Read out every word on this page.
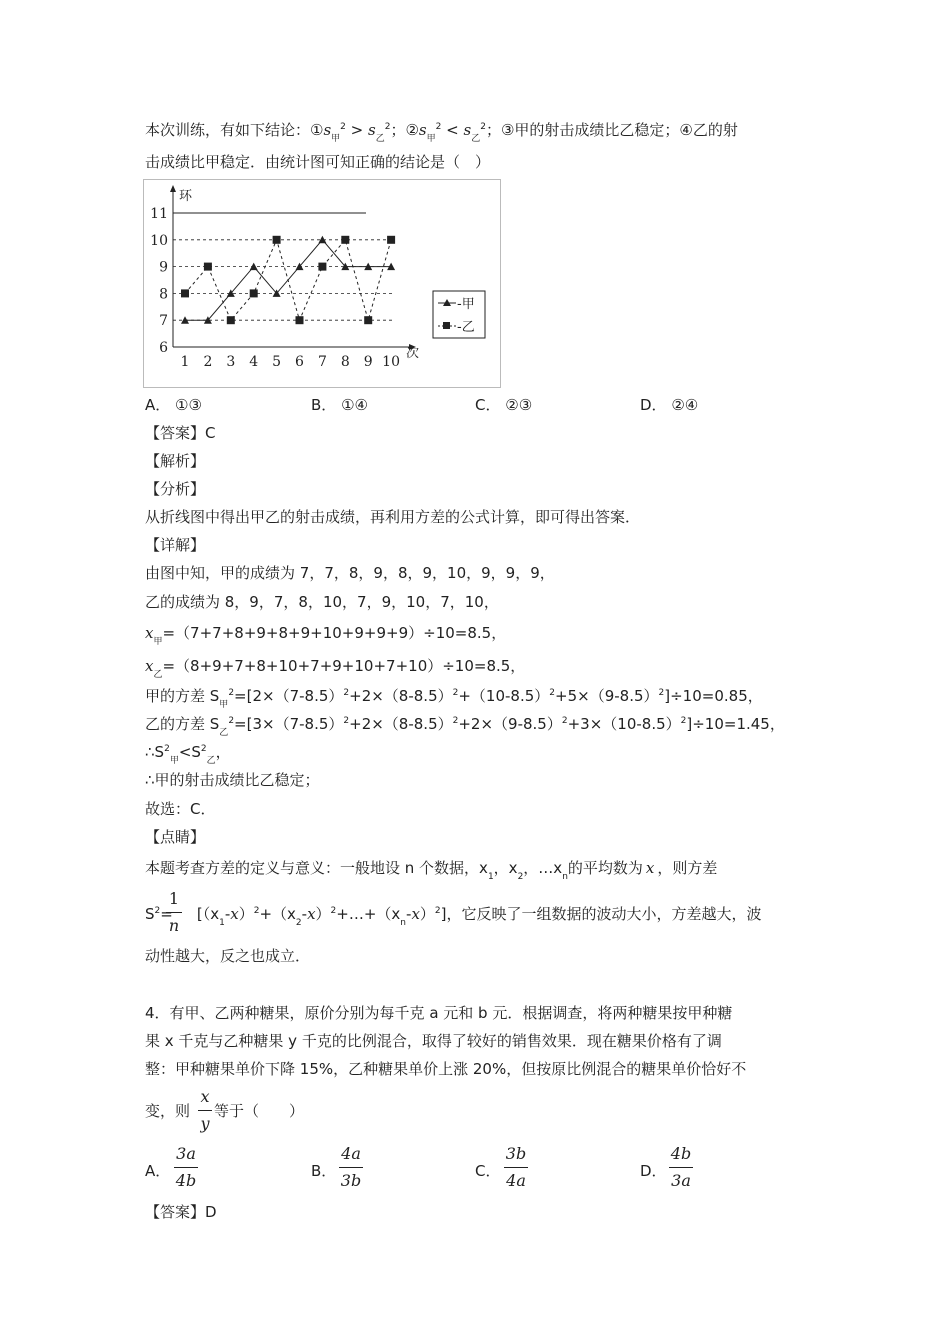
本次训练，有如下结论：$①s_甲^2 > s_乙^2$；$②s_甲^2 < s_乙^2$；③甲的射击成绩比乙稳定；④乙的射
击成绩比甲稳定．由统计图可知正确的结论是（　）
6
7
8
9
10
11
环
次
1 2 3 4 5 6 7 8 9 10
-甲
-乙
A． ①③	B． ①④	C． ②③	D． ②④
【答案】C
【解析】
【分析】
从折线图中得出甲乙的射击成绩，再利用方差的公式计算，即可得出答案．
【详解】
由图中知，甲的成绩为 7，7，8，9，8，9，10，9，9，9，
乙的成绩为 8，9，7，8，10，7，9，10，7，10，
$x_甲=(7+7+8+9+8+9+10+9+9+9)\div 10=8.5$，
$x_乙=(8+9+7+8+10+7+9+10+7+10)\div 10=8.5$，
甲的方差 $S_甲^2=[2\times(7-8.5)^2+2\times(8-8.5)^2+(10-8.5)^2+5\times(9-8.5)^2]\div 10=0.85$，
乙的方差 $S_乙^2=[3\times(7-8.5)^2+2\times(8-8.5)^2+2\times(9-8.5)^2+3\times(10-8.5)^2]\div 10=1.45$，
$\therefore S^2_甲<S^2_乙$，
∴甲的射击成绩比乙稳定；
故选：C．
【点睛】
本题考查方差的定义与意义：一般地设 n 个数据，$x_1$，$x_2$，$\dots x_n$的平均数为 x ，则方差
$\frac{1}{n}$
$S^2=$ $[(x_1-x)^2+(x_2-x)^2+\dots+(x_n-x)^2]$，它反映了一组数据的波动大小，方差越大，波
动性越大，反之也成立．
4．有甲、乙两种糖果，原价分别为每千克 a 元和 b 元．根据调查，将两种糖果按甲种糖
果 x 千克与乙种糖果 y 千克的比例混合，取得了较好的销售效果．现在糖果价格有了调
整：甲种糖果单价下降 15%，乙种糖果单价上涨 20%，但按原比例混合的糖果单价恰好不
$\frac{x}{y}$
变，则 等于（　　）
A． $\frac{3a}{4b}$	B． $\frac{4a}{3b}$	C． $\frac{3b}{4a}$	D． $\frac{4b}{3a}$
【答案】D
